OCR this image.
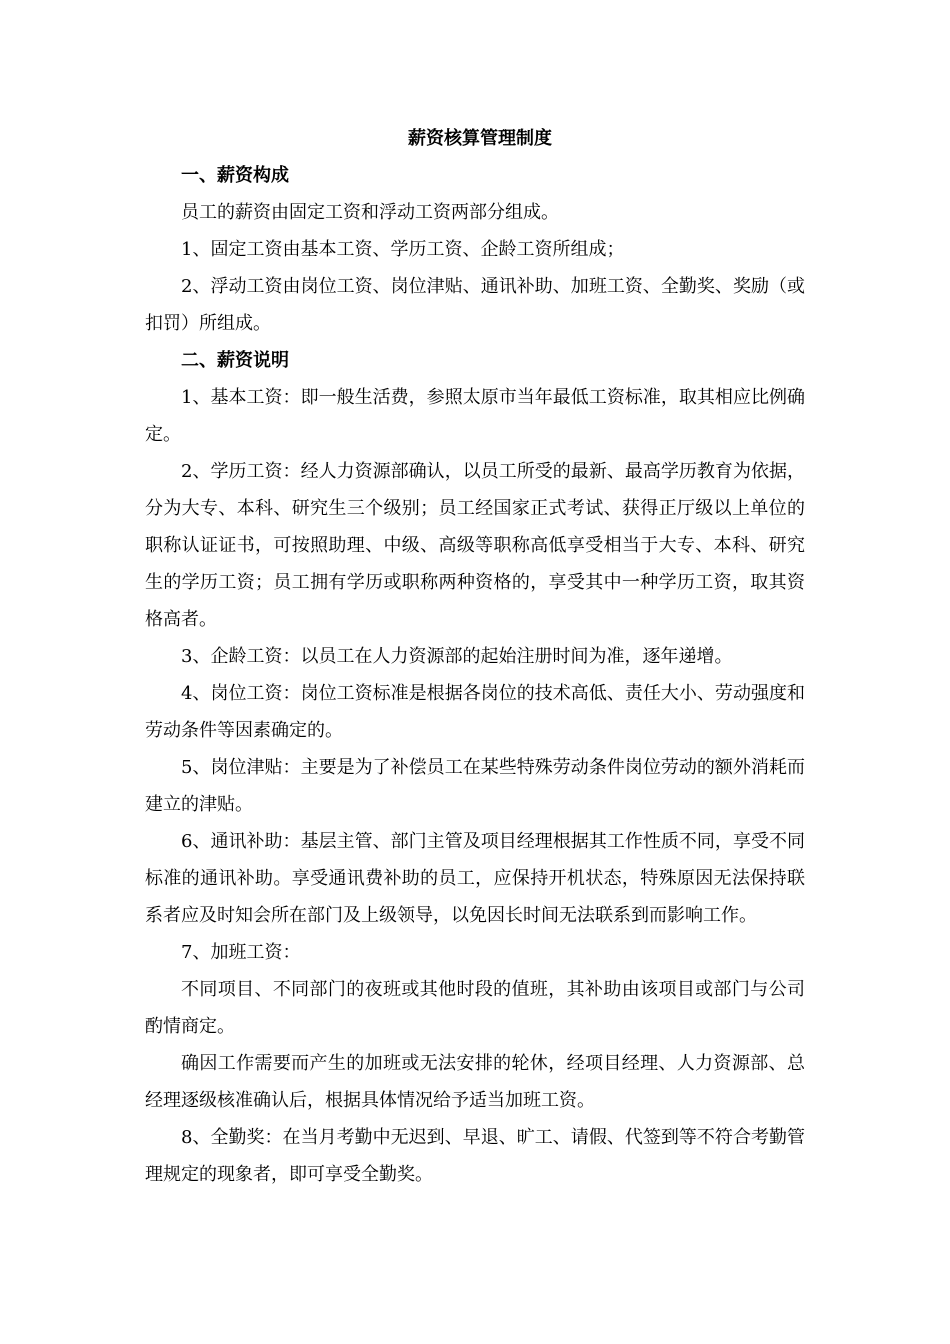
薪资核算管理制度

一、薪资构成

员工的薪资由固定工资和浮动工资两部分组成。

1、固定工资由基本工资、学历工资、企龄工资所组成；

2、浮动工资由岗位工资、岗位津贴、通讯补助、加班工资、全勤奖、奖励（或扣罚）所组成。

二、薪资说明

1、基本工资：即一般生活费，参照太原市当年最低工资标准，取其相应比例确定。

2、学历工资：经人力资源部确认，以员工所受的最新、最高学历教育为依据，分为大专、本科、研究生三个级别；员工经国家正式考试、获得正厅级以上单位的职称认证证书，可按照助理、中级、高级等职称高低享受相当于大专、本科、研究生的学历工资；员工拥有学历或职称两种资格的，享受其中一种学历工资，取其资格高者。

3、企龄工资：以员工在人力资源部的起始注册时间为准，逐年递增。

4、岗位工资：岗位工资标准是根据各岗位的技术高低、责任大小、劳动强度和劳动条件等因素确定的。

5、岗位津贴：主要是为了补偿员工在某些特殊劳动条件岗位劳动的额外消耗而建立的津贴。

6、通讯补助：基层主管、部门主管及项目经理根据其工作性质不同，享受不同标准的通讯补助。享受通讯费补助的员工，应保持开机状态，特殊原因无法保持联系者应及时知会所在部门及上级领导，以免因长时间无法联系到而影响工作。

7、加班工资：

不同项目、不同部门的夜班或其他时段的值班，其补助由该项目或部门与公司酌情商定。

确因工作需要而产生的加班或无法安排的轮休，经项目经理、人力资源部、总经理逐级核准确认后，根据具体情况给予适当加班工资。

8、全勤奖：在当月考勤中无迟到、早退、旷工、请假、代签到等不符合考勤管理规定的现象者，即可享受全勤奖。
